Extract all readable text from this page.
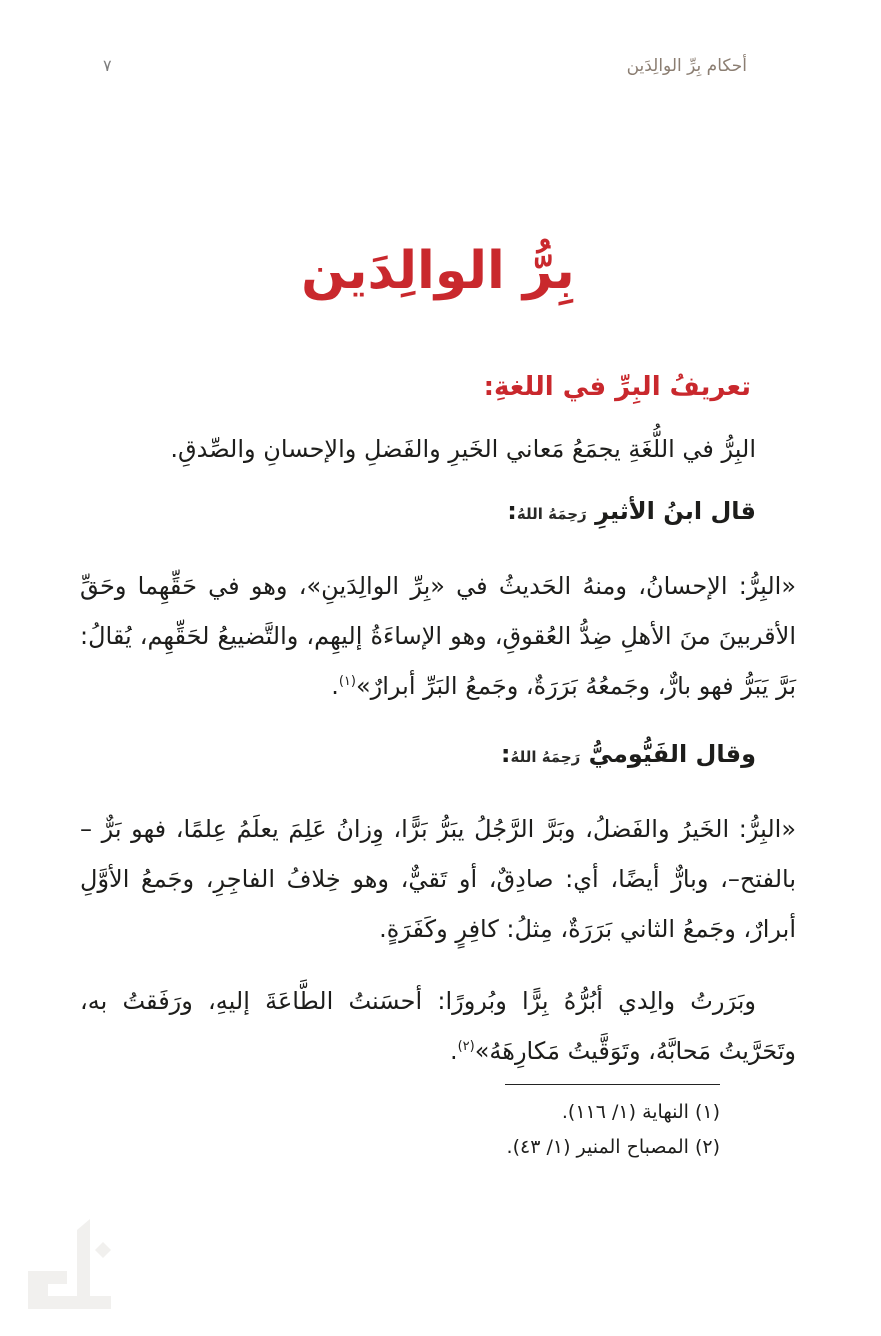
أحكام بِرِّ الوالِدَين
٧
بِرُّ الوالِدَين
تعريفُ البِرِّ في اللغةِ:

البِرُّ في اللُّغَةِ يجمَعُ مَعاني الخَيرِ والفَضلِ والإحسانِ والصِّدقِ.

قال ابنُ الأثيرِ رَحِمَهُ اللهُ:

«البِرُّ: الإحسانُ، ومنهُ الحَديثُ في «بِرِّ الوالِدَينِ»، وهو في حَقِّهِما وحَقِّ الأقربينَ منَ الأهلِ ضِدُّ العُقوقِ، وهو الإساءَةُ إليهِم، والتَّضييعُ لحَقِّهِم، يُقالُ: بَرَّ يَبَرُّ فهو بارٌّ، وجَمعُهُ بَرَرَةٌ، وجَمعُ البَرِّ أبرارٌ»$^{(١)}$.

وقال الفَيُّوميُّ رَحِمَهُ اللهُ:

«البِرُّ: الخَيرُ والفَضلُ، وبَرَّ الرَّجُلُ يبَرُّ بَرًّا، وِزانُ عَلِمَ يعلَمُ عِلمًا، فهو بَرٌّ –بالفتح–، وبارٌّ أيضًا، أي: صادِقٌ، أو تَقيٌّ، وهو خِلافُ الفاجِرِ، وجَمعُ الأوَّلِ أبرارٌ، وجَمعُ الثاني بَرَرَةٌ، مِثلُ: كافِرٍ وكَفَرَةٍ.

وبَرَرتُ والِدي أبُرُّهُ بِرًّا وبُرورًا: أحسَنتُ الطَّاعَةَ إليهِ، ورَفَقتُ به، وتَحَرَّيتُ مَحابَّهُ، وتَوَقَّيتُ مَكارِهَهُ»$^{(٢)}$.

(١) النهاية (١/ ١١٦).
(٢) المصباح المنير (١/ ٤٣).
